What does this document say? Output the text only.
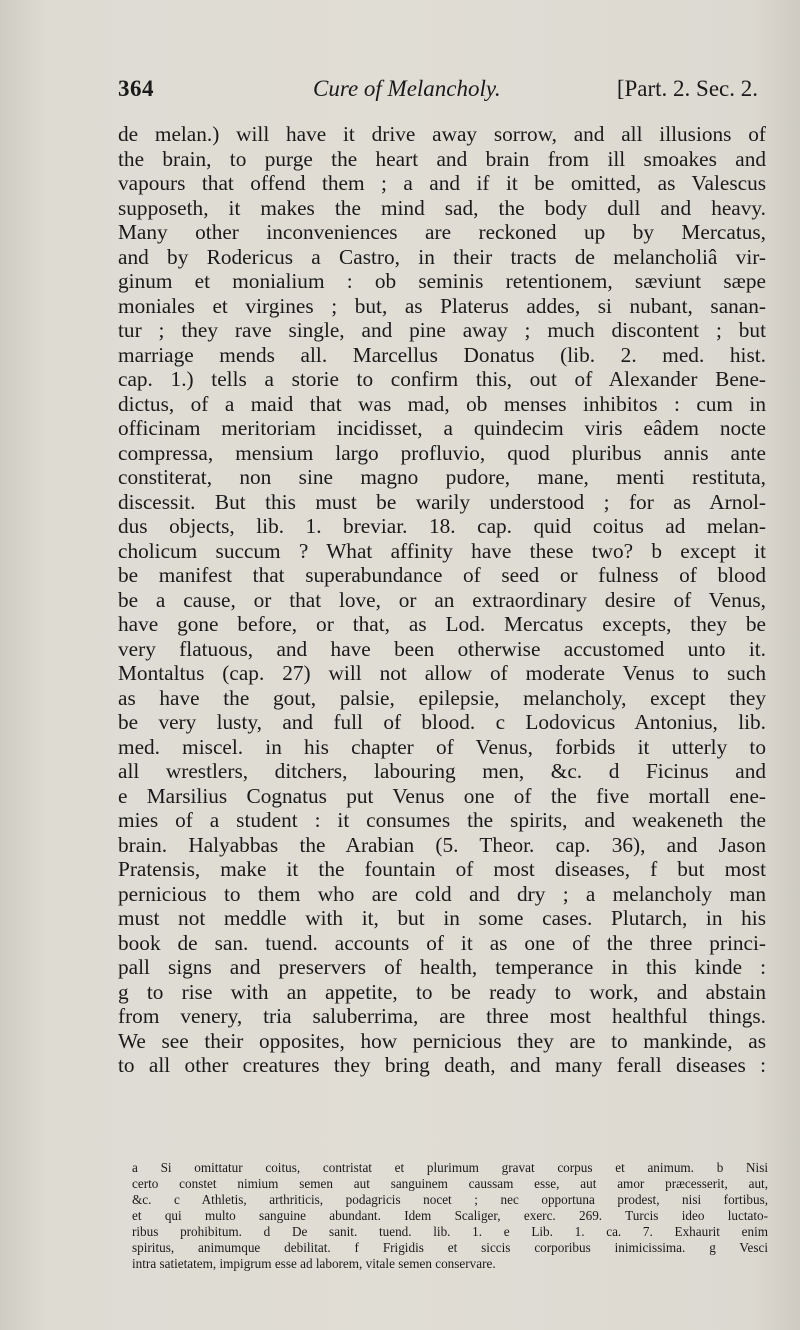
364	Cure of Melancholy.	[Part. 2. Sec. 2.
de melan.) will have it drive away sorrow, and all illusions of
the brain, to purge the heart and brain from ill smoakes and
vapours that offend them ; a and if it be omitted, as Valescus
supposeth, it makes the mind sad, the body dull and heavy.
Many other inconveniences are reckoned up by Mercatus,
and by Rodericus a Castro, in their tracts de melancholiâ vir-
ginum et monialium : ob seminis retentionem, sæviunt sæpe
moniales et virgines ; but, as Platerus addes, si nubant, sanan-
tur ; they rave single, and pine away ; much discontent ; but
marriage mends all. Marcellus Donatus (lib. 2. med. hist.
cap. 1.) tells a storie to confirm this, out of Alexander Bene-
dictus, of a maid that was mad, ob menses inhibitos : cum in
officinam meritoriam incidisset, a quindecim viris eâdem nocte
compressa, mensium largo profluvio, quod pluribus annis ante
constiterat, non sine magno pudore, mane, menti restituta,
discessit. But this must be warily understood ; for as Arnol-
dus objects, lib. 1. breviar. 18. cap. quid coitus ad melan-
cholicum succum ? What affinity have these two? b except it
be manifest that superabundance of seed or fulness of blood
be a cause, or that love, or an extraordinary desire of Venus,
have gone before, or that, as Lod. Mercatus excepts, they be
very flatuous, and have been otherwise accustomed unto it.
Montaltus (cap. 27) will not allow of moderate Venus to such
as have the gout, palsie, epilepsie, melancholy, except they
be very lusty, and full of blood. c Lodovicus Antonius, lib.
med. miscel. in his chapter of Venus, forbids it utterly to
all wrestlers, ditchers, labouring men, &c. d Ficinus and
e Marsilius Cognatus put Venus one of the five mortall ene-
mies of a student : it consumes the spirits, and weakeneth the
brain. Halyabbas the Arabian (5. Theor. cap. 36), and Jason
Pratensis, make it the fountain of most diseases, f but most
pernicious to them who are cold and dry ; a melancholy man
must not meddle with it, but in some cases. Plutarch, in his
book de san. tuend. accounts of it as one of the three princi-
pall signs and preservers of health, temperance in this kinde :
g to rise with an appetite, to be ready to work, and abstain
from venery, tria saluberrima, are three most healthful things.
We see their opposites, how pernicious they are to mankinde, as
to all other creatures they bring death, and many ferall diseases :
a Si omittatur coitus, contristat et plurimum gravat corpus et animum. b Nisi
certo constet nimium semen aut sanguinem caussam esse, aut amor præcesserit, aut,
&c. c Athletis, arthriticis, podagricis nocet ; nec opportuna prodest, nisi fortibus,
et qui multo sanguine abundant. Idem Scaliger, exerc. 269. Turcis ideo luctato-
ribus prohibitum. d De sanit. tuend. lib. 1. e Lib. 1. ca. 7. Exhaurit enim
spiritus, animumque debilitat. f Frigidis et siccis corporibus inimicissima. g Vesci
intra satietatem, impigrum esse ad laborem, vitale semen conservare.
